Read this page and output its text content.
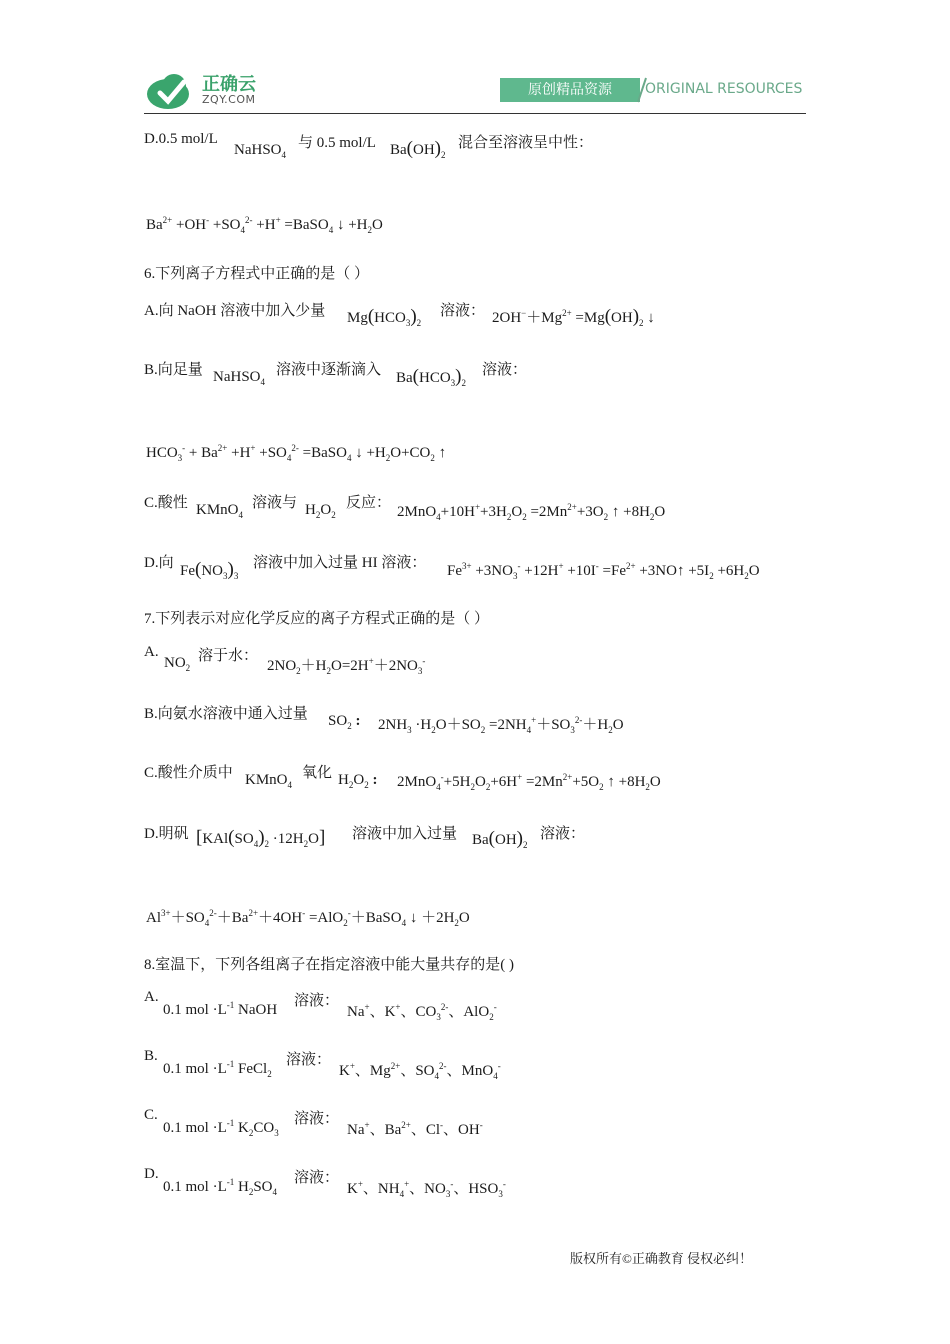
正确云
ZQY.COM
原创精品资源	ORIGINAL RESOURCES
D.0.5 mol/L
NaHSO$_4$
与 0.5 mol/L $Ba(OH)_2$
混合至溶液呈中性：
$Ba^{2+} +OH^- +SO_4^{2-} +H^+$ =BaSO$_4$ ↓ $+H_2O$
6.下列离子方程式中正确的是（ ）
A.向 NaOH 溶液中加入少量 $Mg(HCO_3)_2$
溶液： $2OH^-+Mg^{2+} =Mg(OH)_2$ ↓
B.向足量 NaHSO$_4$
溶液中逐渐滴入 $Ba(HCO_3)_2$
溶液：
$HCO_3^- + Ba^{2+} +H^+ +SO_4^{2-}$ =BaSO$_4$ ↓ $+H_2O+CO_2$ ↑
C.酸性 KMnO$_4$
溶液与 $H_2O_2$
反应：
$2MnO_4+10H^++3H_2O_2 =2Mn^{2+}+3O_2$ ↑ $+8H_2O$
D.向 $Fe(NO_3)_3$
溶液中加入过量 HI 溶液： $Fe^{3+} +3NO_3^- +12H^+ +10I^- =Fe^{2+}$ +3NO↑ $+5I_2 +6H_2O$
7.下列表示对应化学反应的离子方程式正确的是（ ）
A.
$NO_2$
溶于水：
$2NO_2+H_2O=2H^++2NO_3^-$
B.向氨水溶液中通入过量 $SO_2$ : $2NH_3 \cdot H_2O+SO_2 =2NH_4^++SO_3^{2-}+H_2O$
C.酸性介质中 KMnO$_4$
氧化 $H_2O_2$ : $2MnO_4^-+5H_2O_2+6H^+ =2Mn^{2+}+5O_2$ ↑ $+8H_2O$
D.明矾 $[KAl(SO_4)_2 \cdot 12H_2O]$ 溶液中加入过量 $Ba(OH)_2$
溶液：
$Al^{3+}+SO_4^{2-}+Ba^{2+}+4OH^-$ =AlO$_2$-＋BaSO$_4$ ↓ $+2H_2O$
8.室温下，下列各组离子在指定溶液中能大量共存的是( )
A.
0.1 mol $\cdot L^{-1}$ NaOH
溶液：
Na+、K+、$CO_3^{2-}$、AlO$_2$-
B.
0.1 mol $\cdot L^{-1}$ FeCl$_2$
溶液：
K+、$Mg^{2+}$、$SO_4^{2-}$、MnO$_4$-
C.
0.1 mol $\cdot L^{-1}$ $K_2CO_3$
溶液：
Na+、$Ba^{2+}$、Cl-、OH-
D.
0.1 mol $\cdot L^{-1}$ $H_2SO_4$
溶液：
K+、$NH_4^+$、$NO_3^-$、$HSO_3^-$
版权所有©正确教育 侵权必纠！
